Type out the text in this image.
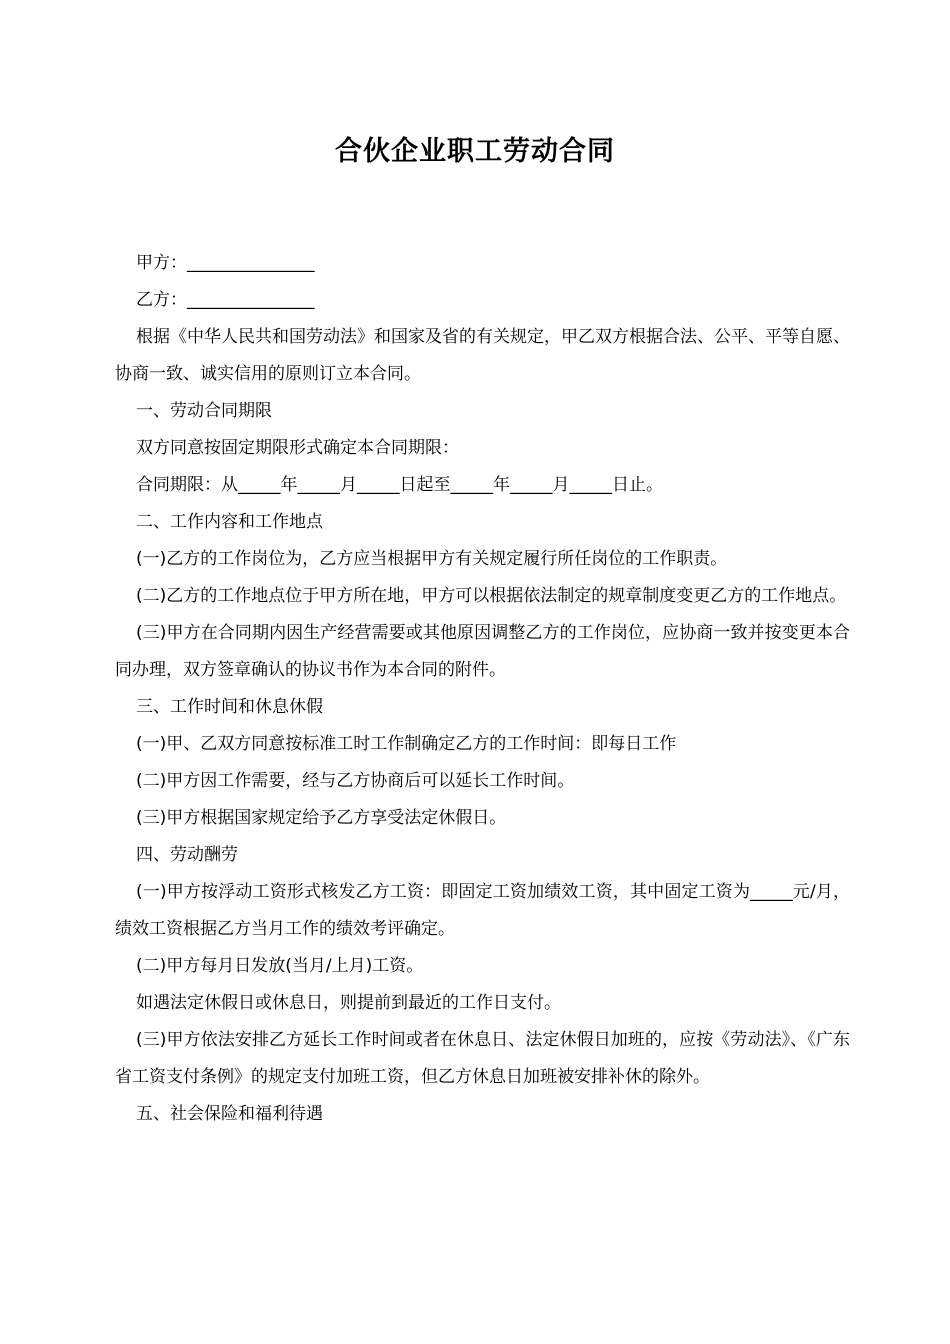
合伙企业职工劳动合同

甲方：_______________

乙方：_______________

根据《中华人民共和国劳动法》和国家及省的有关规定，甲乙双方根据合法、公平、平等自愿、协商一致、诚实信用的原则订立本合同。

一、劳动合同期限

双方同意按固定期限形式确定本合同期限：

合同期限：从_____年_____月_____日起至_____年_____月_____日止。

二、工作内容和工作地点

(一)乙方的工作岗位为，乙方应当根据甲方有关规定履行所任岗位的工作职责。

(二)乙方的工作地点位于甲方所在地，甲方可以根据依法制定的规章制度变更乙方的工作地点。

(三)甲方在合同期内因生产经营需要或其他原因调整乙方的工作岗位，应协商一致并按变更本合同办理，双方签章确认的协议书作为本合同的附件。

三、工作时间和休息休假

(一)甲、乙双方同意按标准工时工作制确定乙方的工作时间：即每日工作

(二)甲方因工作需要，经与乙方协商后可以延长工作时间。

(三)甲方根据国家规定给予乙方享受法定休假日。

四、劳动酬劳

(一)甲方按浮动工资形式核发乙方工资：即固定工资加绩效工资，其中固定工资为_____元/月，绩效工资根据乙方当月工作的绩效考评确定。

(二)甲方每月日发放(当月/上月)工资。

如遇法定休假日或休息日，则提前到最近的工作日支付。

(三)甲方依法安排乙方延长工作时间或者在休息日、法定休假日加班的，应按《劳动法》、《广东省工资支付条例》的规定支付加班工资，但乙方休息日加班被安排补休的除外。

五、社会保险和福利待遇
